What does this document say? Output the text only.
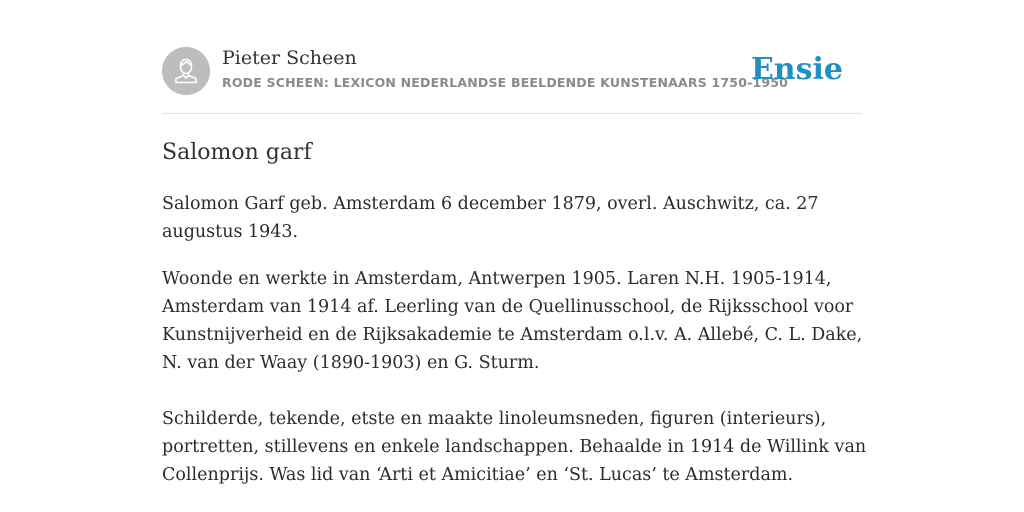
Pieter Scheen
RODE SCHEEN: LEXICON NEDERLANDSE BEELDENDE KUNSTENAARS 1750-1950
Ensie
Salomon garf

Salomon Garf geb. Amsterdam 6 december 1879, overl. Auschwitz, ca. 27 augustus 1943.

Woonde en werkte in Amsterdam, Antwerpen 1905. Laren N.H. 1905-1914, Amsterdam van 1914 af. Leerling van de Quellinusschool, de Rijksschool voor Kunstnijverheid en de Rijksakademie te Amsterdam o.l.v. A. Allebé, C. L. Dake, N. van der Waay (1890-1903) en G. Sturm.

Schilderde, tekende, etste en maakte linoleumsneden, figuren (interieurs), portretten, stillevens en enkele landschappen. Behaalde in 1914 de Willink van Collenprijs. Was lid van ‘Arti et Amicitiae’ en ‘St. Lucas’ te Amsterdam.
